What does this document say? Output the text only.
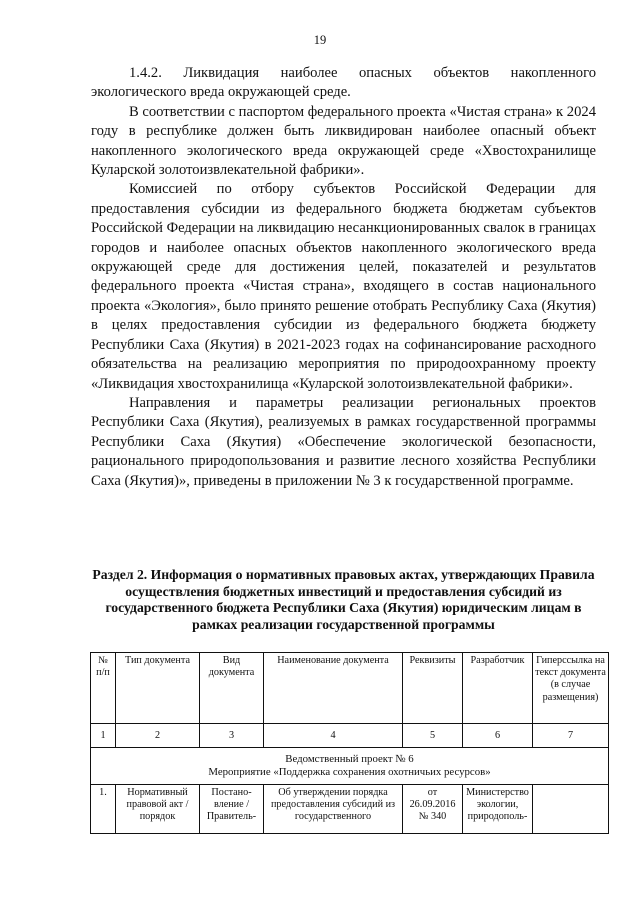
19

1.4.2. Ликвидация наиболее опасных объектов накопленного экологического вреда окружающей среде.

В соответствии с паспортом федерального проекта «Чистая страна» к 2024 году в республике должен быть ликвидирован наиболее опасный объект накопленного экологического вреда окружающей среде «Хвостохранилище Куларской золотоизвлекательной фабрики».

Комиссией по отбору субъектов Российской Федерации для предоставления субсидии из федерального бюджета бюджетам субъектов Российской Федерации на ликвидацию несанкционированных свалок в границах городов и наиболее опасных объектов накопленного экологического вреда окружающей среде для достижения целей, показателей и результатов федерального проекта «Чистая страна», входящего в состав национального проекта «Экология», было принято решение отобрать Республику Саха (Якутия) в целях предоставления субсидии из федерального бюджета бюджету Республики Саха (Якутия) в 2021-2023 годах на софинансирование расходного обязательства на реализацию мероприятия по природоохранному проекту «Ликвидация хвостохранилища «Куларской золотоизвлекательной фабрики».

Направления и параметры реализации региональных проектов Республики Саха (Якутия), реализуемых в рамках государственной программы Республики Саха (Якутия) «Обеспечение экологической безопасности, рационального природопользования и развитие лесного хозяйства Республики Саха (Якутия)», приведены в приложении № 3 к государственной программе.

Раздел 2. Информация о нормативных правовых актах, утверждающих Правила осуществления бюджетных инвестиций и предоставления субсидий из государственного бюджета Республики Саха (Якутия) юридическим лицам в рамках реализации государственной программы
№ п/п	Тип документа	Вид документа	Наименование документа	Реквизиты	Разработчик	Гиперссылка на текст документа (в случае размещения)
1	2	3	4	5	6	7

Ведомственный проект № 6
Мероприятие «Поддержка сохранения охотничьих ресурсов»						

1.	Нормативный правовой акт / порядок	Постано-вление / Правитель-	Об утверждении порядка предоставления субсидий из государственного	от 26.09.2016 № 340	Министерство экологии, природополь-	
